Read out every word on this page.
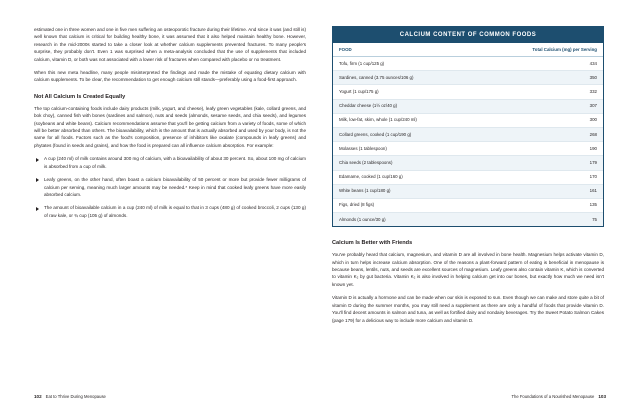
estimated one in three women and one in five men suffering an osteoporotic fracture during their lifetime. And since it was (and still is) well known that calcium is critical for building healthy bone, it was assumed that it also helped maintain healthy bone. However, research in the mid-2000s started to take a closer look at whether calcium supplements prevented fractures. To many people's surprise, they probably don't. Even 1 was surprised when a meta-analysis concluded that the use of supplements that included calcium, vitamin D, or both was not associated with a lower risk of fractures when compared with placebo or no treatment.

When this new meta headline, many people misinterpreted the findings and made the mistake of equating dietary calcium with calcium supplements. To be clear, the recommendation to get enough calcium still stands—preferably using a food-first approach.

Not All Calcium Is Created Equally

The top calcium-containing foods include dairy products (milk, yogurt, and cheese), leafy green vegetables (kale, collard greens, and bok choy), canned fish with bones (sardines and salmon), nuts and seeds (almonds, sesame seeds, and chia seeds), and legumes (soybeans and white beans). Calcium recommendations assume that you'll be getting calcium from a variety of foods, some of which will be better absorbed than others. The bioavailability, which is the amount that is actually absorbed and used by your body, is not the same for all foods. Factors such as the food's composition, presence of inhibitors like oxalate (compounds in leafy greens) and phytates (found in seeds and grains), and how the food is prepared can all influence calcium absorption. For example:

A cup (240 ml) of milk contains around 300 mg of calcium, with a bioavailability of about 30 percent. So, about 100 mg of calcium is absorbed from a cup of milk.
Leafy greens, on the other hand, often boast a calcium bioavailability of 50 percent or more but provide fewer milligrams of calcium per serving, meaning much larger amounts may be needed.* Keep in mind that cooked leafy greens have more easily absorbed calcium.
The amount of bioavailable calcium in a cup (240 ml) of milk is equal to that in 3 cups (480 g) of cooked broccoli, 2 cups (130 g) of raw kale, or ¾ cup (105 g) of almonds.
CALCIUM CONTENT OF COMMON FOODS
FOOD	Total Calcium (mg) per Serving
Tofu, firm (1 cup/125 g)	434
Sardines, canned (3.75 ounces/106 g)	350
Yogurt (1 cup/175 g)	332
Cheddar cheese (1½ oz/40 g)	307
Milk, low-fat, skim, whole (1 cup/240 ml)	300
Collard greens, cooked (1 cup/190 g)	268
Molasses (1 tablespoon)	190
Chia seeds (2 tablespoons)	179
Edamame, cooked (1 cup/160 g)	170
White beans (1 cup/180 g)	161
Figs, dried (8 figs)	135
Almonds (1 ounce/30 g)	75
Calcium Is Better with Friends

You've probably heard that calcium, magnesium, and vitamin D are all involved in bone health. Magnesium helps activate vitamin D, which in turn helps increase calcium absorption. One of the reasons a plant-forward pattern of eating is beneficial in menopause is because beans, lentils, nuts, and seeds are excellent sources of magnesium. Leafy greens also contain vitamin K, which is converted to vitamin K₂ by gut bacteria. Vitamin K₂ is also involved in helping calcium get into our bones, but exactly how much we need isn't known yet.

Vitamin D is actually a hormone and can be made when our skin is exposed to sun. Even though we can make and store quite a bit of vitamin D during the summer months, you may still need a supplement as there are only a handful of foods that provide vitamin D. You'll find decent amounts in salmon and tuna, as well as fortified dairy and nondairy beverages. Try the Sweet Potato Salmon Cakes (page 179) for a delicious way to include more calcium and vitamin D.

102 Eat to Thrive During Menopause	The Foundations of a Nourished Menopause 103
